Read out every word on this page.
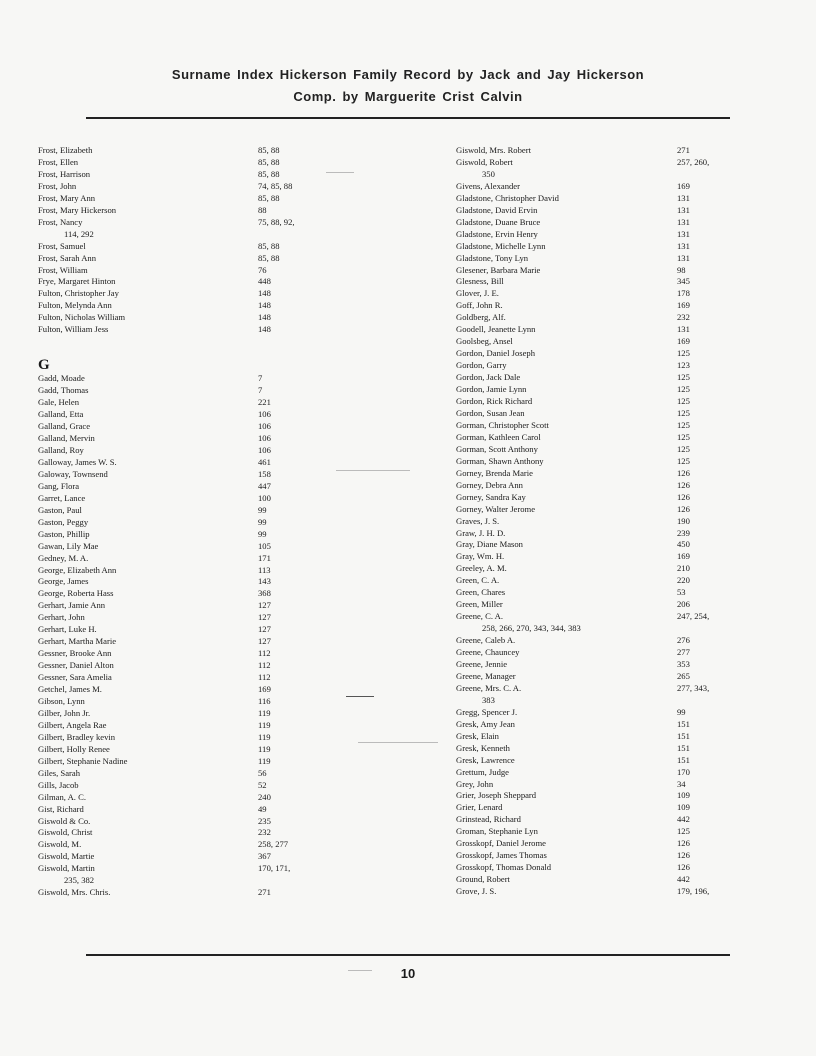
Surname Index Hickerson Family Record by Jack and Jay Hickerson
Comp. by Marguerite Crist Calvin
Frost, Elizabeth	85, 88
Frost, Ellen	85, 88
Frost, Harrison	85, 88
Frost, John	74, 85, 88
Frost, Mary Ann	85, 88
Frost, Mary Hickerson	88
Frost, Nancy	75, 88, 92,
114, 292
Frost, Samuel	85, 88
Frost, Sarah Ann	85, 88
Frost, William	76
Frye, Margaret Hinton	448
Fulton, Christopher Jay	148
Fulton, Melynda Ann	148
Fulton, Nicholas William	148
Fulton, William Jess	148
G
Gadd, Moade	7
Gadd, Thomas	7
Gale, Helen	221
Galland, Etta	106
Galland, Grace	106
Galland, Mervin	106
Galland, Roy	106
Galloway, James W. S.	461
Galoway, Townsend	158
Gang, Flora	447
Garret, Lance	100
Gaston, Paul	99
Gaston, Peggy	99
Gaston, Phillip	99
Gawan, Lily Mae	105
Gedney, M. A.	171
George, Elizabeth Ann	113
George, James	143
George, Roberta Hass	368
Gerhart, Jamie Ann	127
Gerhart, John	127
Gerhart, Luke H.	127
Gerhart, Martha Marie	127
Gessner, Brooke Ann	112
Gessner, Daniel Alton	112
Gessner, Sara Amelia	112
Getchel, James M.	169
Gibson, Lynn	116
Gilber, John Jr.	119
Gilbert, Angela Rae	119
Gilbert, Bradley kevin	119
Gilbert, Holly Renee	119
Gilbert, Stephanie Nadine	119
Giles, Sarah	56
Gills, Jacob	52
Gilman, A. C.	240
Gist, Richard	49
Giswold & Co.	235
Giswold, Christ	232
Giswold, M.	258, 277
Giswold, Martie	367
Giswold, Martin	170, 171,
235, 382
Giswold, Mrs. Chris.	271
Giswold, Mrs. Robert	271
Giswold, Robert	257, 260,
350
Givens, Alexander	169
Gladstone, Christopher David	131
Gladstone, David Ervin	131
Gladstone, Duane Bruce	131
Gladstone, Ervin Henry	131
Gladstone, Michelle Lynn	131
Gladstone, Tony Lyn	131
Glesener, Barbara Marie	98
Glesness, Bill	345
Glover, J. E.	178
Goff, John R.	169
Goldberg, Alf.	232
Goodell, Jeanette Lynn	131
Goolsbeg, Ansel	169
Gordon, Daniel Joseph	125
Gordon, Garry	123
Gordon, Jack Dale	125
Gordon, Jamie Lynn	125
Gordon, Rick Richard	125
Gordon, Susan Jean	125
Gorman, Christopher Scott	125
Gorman, Kathleen Carol	125
Gorman, Scott Anthony	125
Gorman, Shawn Anthony	125
Gorney, Brenda Marie	126
Gorney, Debra Ann	126
Gorney, Sandra Kay	126
Gorney, Walter Jerome	126
Graves, J. S.	190
Graw, J. H. D.	239
Gray, Diane Mason	450
Gray, Wm. H.	169
Greeley, A. M.	210
Green, C. A.	220
Green, Chares	53
Green, Miller	206
Greene, C. A.	247, 254,
258, 266, 270, 343, 344, 383
Greene, Caleb A.	276
Greene, Chauncey	277
Greene, Jennie	353
Greene, Manager	265
Greene, Mrs. C. A.	277, 343,
383
Gregg, Spencer J.	99
Gresk, Amy Jean	151
Gresk, Elain	151
Gresk, Kenneth	151
Gresk, Lawrence	151
Grettum, Judge	170
Grey, John	34
Grier, Joseph Sheppard	109
Grier, Lenard	109
Grinstead, Richard	442
Groman, Stephanie Lyn	125
Grosskopf, Daniel Jerome	126
Grosskopf, James Thomas	126
Grosskopf, Thomas Donald	126
Ground, Robert	442
Grove, J. S.	179, 196,
10
